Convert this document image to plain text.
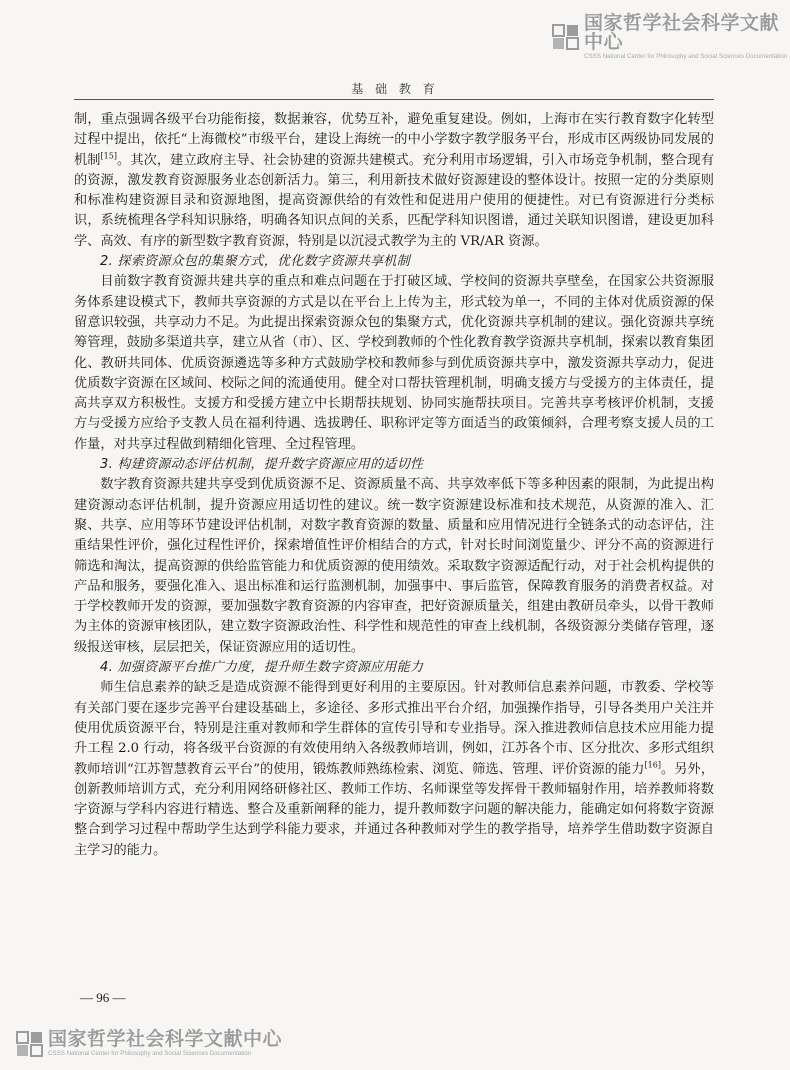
国家哲学社会科学文献中心
CSSS National Center for Philosophy and Social Sciences Documentation
基 础 教 育

制，重点强调各级平台功能衔接，数据兼容，优势互补，避免重复建设。例如，上海市在实行教育数字化转型过程中提出，依托“上海微校”市级平台，建设上海统一的中小学数字教学服务平台，形成市区两级协同发展的机制[15]。其次，建立政府主导、社会协建的资源共建模式。充分利用市场逻辑，引入市场竞争机制，整合现有的资源，激发教育资源服务业态创新活力。第三，利用新技术做好资源建设的整体设计。按照一定的分类原则和标准构建资源目录和资源地图，提高资源供给的有效性和促进用户使用的便捷性。对已有资源进行分类标识，系统梳理各学科知识脉络，明确各知识点间的关系，匹配学科知识图谱，通过关联知识图谱，建设更加科学、高效、有序的新型数字教育资源，特别是以沉浸式教学为主的 VR/AR 资源。

2. 探索资源众包的集聚方式，优化数字资源共享机制

目前数字教育资源共建共享的重点和难点问题在于打破区域、学校间的资源共享壁垒，在国家公共资源服务体系建设模式下，教师共享资源的方式是以在平台上上传为主，形式较为单一，不同的主体对优质资源的保留意识较强，共享动力不足。为此提出探索资源众包的集聚方式，优化资源共享机制的建议。强化资源共享统筹管理，鼓励多渠道共享，建立从省（市）、区、学校到教师的个性化教育教学资源共享机制，探索以教育集团化、教研共同体、优质资源遴选等多种方式鼓励学校和教师参与到优质资源共享中，激发资源共享动力，促进优质数字资源在区域间、校际之间的流通使用。健全对口帮扶管理机制，明确支援方与受援方的主体责任，提高共享双方积极性。支援方和受援方建立中长期帮扶规划、协同实施帮扶项目。完善共享考核评价机制，支援方与受援方应给予支教人员在福利待遇、选拔聘任、职称评定等方面适当的政策倾斜，合理考察支援人员的工作量，对共享过程做到精细化管理、全过程管理。

3. 构建资源动态评估机制，提升数字资源应用的适切性

数字教育资源共建共享受到优质资源不足、资源质量不高、共享效率低下等多种因素的限制，为此提出构建资源动态评估机制，提升资源应用适切性的建议。统一数字资源建设标准和技术规范，从资源的准入、汇聚、共享、应用等环节建设评估机制，对数字教育资源的数量、质量和应用情况进行全链条式的动态评估，注重结果性评价，强化过程性评价，探索增值性评价相结合的方式，针对长时间浏览量少、评分不高的资源进行筛选和淘汰，提高资源的供给监管能力和优质资源的使用绩效。采取数字资源适配行动，对于社会机构提供的产品和服务，要强化准入、退出标准和运行监测机制，加强事中、事后监管，保障教育服务的消费者权益。对于学校教师开发的资源，要加强数字教育资源的内容审查，把好资源质量关，组建由教研员牵头，以骨干教师为主体的资源审核团队，建立数字资源政治性、科学性和规范性的审查上线机制，各级资源分类储存管理，逐级报送审核，层层把关，保证资源应用的适切性。

4. 加强资源平台推广力度，提升师生数字资源应用能力

师生信息素养的缺乏是造成资源不能得到更好利用的主要原因。针对教师信息素养问题，市教委、学校等有关部门要在逐步完善平台建设基础上，多途径、多形式推出平台介绍，加强操作指导，引导各类用户关注并使用优质资源平台，特别是注重对教师和学生群体的宣传引导和专业指导。深入推进教师信息技术应用能力提升工程 2.0 行动，将各级平台资源的有效使用纳入各级教师培训，例如，江苏各个市、区分批次、多形式组织教师培训“江苏智慧教育云平台”的使用，锻炼教师熟练检索、浏览、筛选、管理、评价资源的能力[16]。另外，创新教师培训方式，充分利用网络研修社区、教师工作坊、名师课堂等发挥骨干教师辐射作用，培养教师将数字资源与学科内容进行精选、整合及重新阐释的能力，提升教师数字问题的解决能力，能确定如何将数字资源整合到学习过程中帮助学生达到学科能力要求，并通过各种教师对学生的教学指导，培养学生借助数字资源自主学习的能力。

— 96 —
国家哲学社会科学文献中心
CSSS National Center for Philosophy and Social Sciences Documentation
